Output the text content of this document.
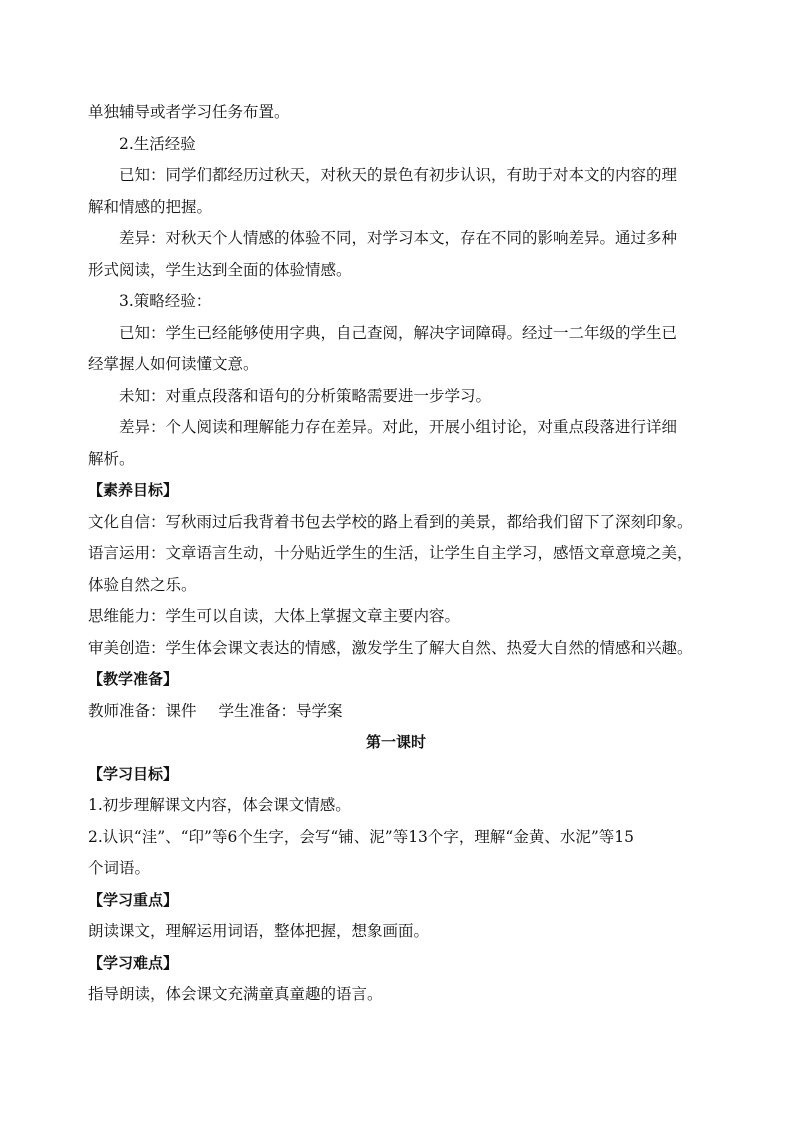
单独辅导或者学习任务布置。
2.生活经验
已知：同学们都经历过秋天，对秋天的景色有初步认识，有助于对本文的内容的理
解和情感的把握。
差异：对秋天个人情感的体验不同，对学习本文，存在不同的影响差异。通过多种
形式阅读，学生达到全面的体验情感。
3.策略经验：
已知：学生已经能够使用字典，自己查阅，解决字词障碍。经过一二年级的学生已
经掌握人如何读懂文意。
未知：对重点段落和语句的分析策略需要进一步学习。
差异：个人阅读和理解能力存在差异。对此，开展小组讨论，对重点段落进行详细
解析。
【素养目标】
文化自信：写秋雨过后我背着书包去学校的路上看到的美景，都给我们留下了深刻印象。
语言运用：文章语言生动，十分贴近学生的生活，让学生自主学习，感悟文章意境之美，
体验自然之乐。
思维能力：学生可以自读，大体上掌握文章主要内容。
审美创造：学生体会课文表达的情感，激发学生了解大自然、热爱大自然的情感和兴趣。
【教学准备】
教师准备：课件 学生准备：导学案
第一课时
【学习目标】
1.初步理解课文内容，体会课文情感。
2.认识“洼”、“印”等6个生字，会写“铺、泥”等13个字，理解“金黄、水泥”等15
个词语。
【学习重点】
朗读课文，理解运用词语，整体把握，想象画面。
【学习难点】
指导朗读，体会课文充满童真童趣的语言。
